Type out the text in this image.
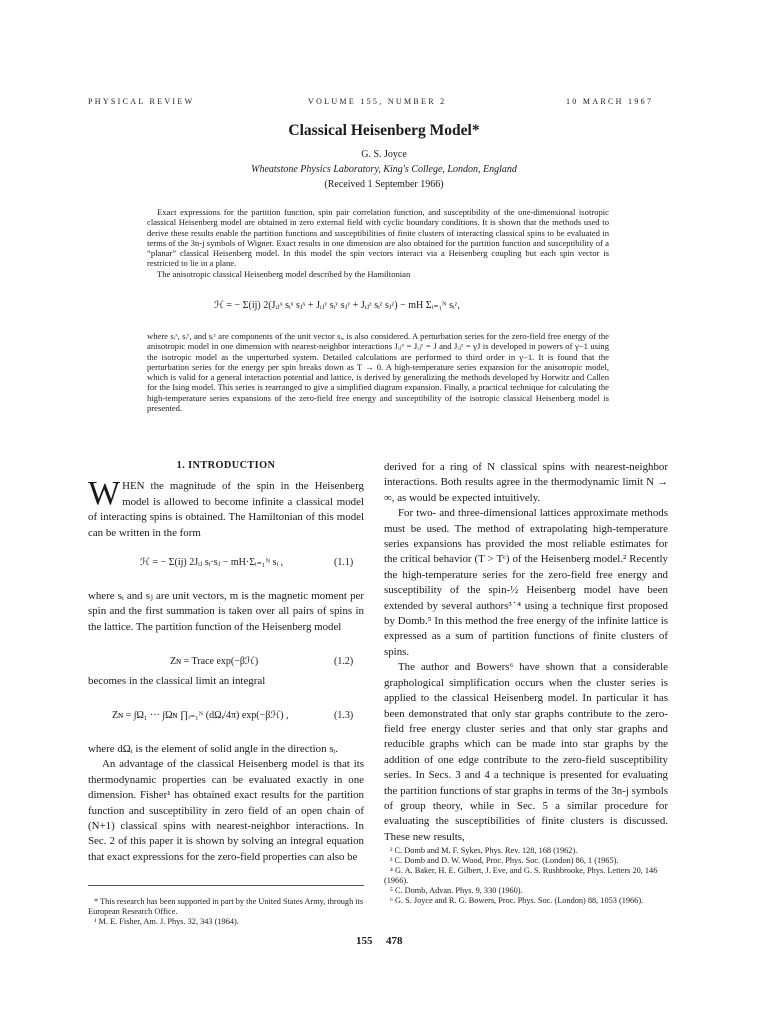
PHYSICAL REVIEW	VOLUME 155, NUMBER 2	10 MARCH 1967
Classical Heisenberg Model*
G. S. Joyce
Wheatstone Physics Laboratory, King's College, London, England
(Received 1 September 1966)

Exact expressions for the partition function, spin pair correlation function, and susceptibility of the one-dimensional isotropic classical Heisenberg model are obtained in zero external field with cyclic boundary conditions. It is shown that the methods used to derive these results enable the partition functions and susceptibilities of finite clusters of interacting classical spins to be evaluated in terms of the 3n-j symbols of Wigner. Exact results in one dimension are also obtained for the partition function and susceptibility of a “planar” classical Heisenberg model. In this model the spin vectors interact via a Heisenberg coupling but each spin vector is restricted to lie in a plane.

The anisotropic classical Heisenberg model described by the Hamiltonian

ℋ = − Σ(ij) 2(Jᵢⱼˣ sᵢˣ sⱼˣ + Jᵢⱼʸ sᵢʸ sⱼʸ + Jᵢⱼᶻ sᵢᶻ sⱼᶻ) − mH Σᵢ₌₁ᴺ sᵢᶻ,

where sᵢˣ, sᵢʸ, and sᵢᶻ are components of the unit vector sᵢ, is also considered. A perturbation series for the zero-field free energy of the anisotropic model in one dimension with nearest-neighbor interactions Jᵢⱼˣ = Jᵢⱼʸ = J and Jᵢⱼᶻ = γJ is developed in powers of γ−1 using the isotropic model as the unperturbed system. Detailed calculations are performed to third order in γ−1. It is found that the perturbation series for the energy per spin breaks down as T → 0. A high-temperature series expansion for the anisotropic model, which is valid for a general interaction potential and lattice, is derived by generalizing the methods developed by Horwitz and Callen for the Ising model. This series is rearranged to give a simplified diagram expansion. Finally, a practical technique for calculating the high-temperature series expansions of the zero-field free energy and susceptibility of the isotropic classical Heisenberg model is presented.

1. INTRODUCTION

WHEN the magnitude of the spin in the Heisenberg model is allowed to become infinite a classical model of interacting spins is obtained. The Hamiltonian of this model can be written in the form

ℋ = − Σ(ij) 2Jᵢⱼ sᵢ·sⱼ − mH·Σᵢ₌₁ᴺ sᵢ ,	(1.1)

where sᵢ and sⱼ are unit vectors, m is the magnetic moment per spin and the first summation is taken over all pairs of spins in the lattice. The partition function of the Heisenberg model

Zɴ = Trace exp(−βℋ)	(1.2)

becomes in the classical limit an integral

Zɴ = ∫Ω₁ ··· ∫Ωɴ ∏ᵢ₌₁ᴺ (dΩᵢ/4π) exp(−βℋ) ,	(1.3)

where dΩᵢ is the element of solid angle in the direction sᵢ.

An advantage of the classical Heisenberg model is that its thermodynamic properties can be evaluated exactly in one dimension. Fisher¹ has obtained exact results for the partition function and susceptibility in zero field of an open chain of (N+1) classical spins with nearest-neighbor interactions. In Sec. 2 of this paper it is shown by solving an integral equation that exact expressions for the zero-field properties can also be

* This research has been supported in part by the United States Army, through its European Research Office.

¹ M. E. Fisher, Am. J. Phys. 32, 343 (1964).

derived for a ring of N classical spins with nearest-neighbor interactions. Both results agree in the thermodynamic limit N → ∞, as would be expected intuitively.

For two- and three-dimensional lattices approximate methods must be used. The method of extrapolating high-temperature series expansions has provided the most reliable estimates for the critical behavior (T > Tᶜ) of the Heisenberg model.² Recently the high-temperature series for the zero-field free energy and susceptibility of the spin-½ Heisenberg model have been extended by several authors³˙⁴ using a technique first proposed by Domb.⁵ In this method the free energy of the infinite lattice is expressed as a sum of partition functions of finite clusters of spins.

The author and Bowers⁶ have shown that a considerable graphological simplification occurs when the cluster series is applied to the classical Heisenberg model. In particular it has been demonstrated that only star graphs contribute to the zero-field free energy cluster series and that only star graphs and reducible graphs which can be made into star graphs by the addition of one edge contribute to the zero-field susceptibility series. In Secs. 3 and 4 a technique is presented for evaluating the partition functions of star graphs in terms of the 3n-j symbols of group theory, while in Sec. 5 a similar procedure for evaluating the susceptibilities of finite clusters is discussed. These new results,

² C. Domb and M. F. Sykes, Phys. Rev. 128, 168 (1962).

³ C. Domb and D. W. Wood, Proc. Phys. Soc. (London) 86, 1 (1965).

⁴ G. A. Baker, H. E. Gilbert, J. Eve, and G. S. Rushbrooke, Phys. Letters 20, 146 (1966).

⁵ C. Domb, Advan. Phys. 9, 330 (1960).

⁶ G. S. Joyce and R. G. Bowers, Proc. Phys. Soc. (London) 88, 1053 (1966).

155 478
